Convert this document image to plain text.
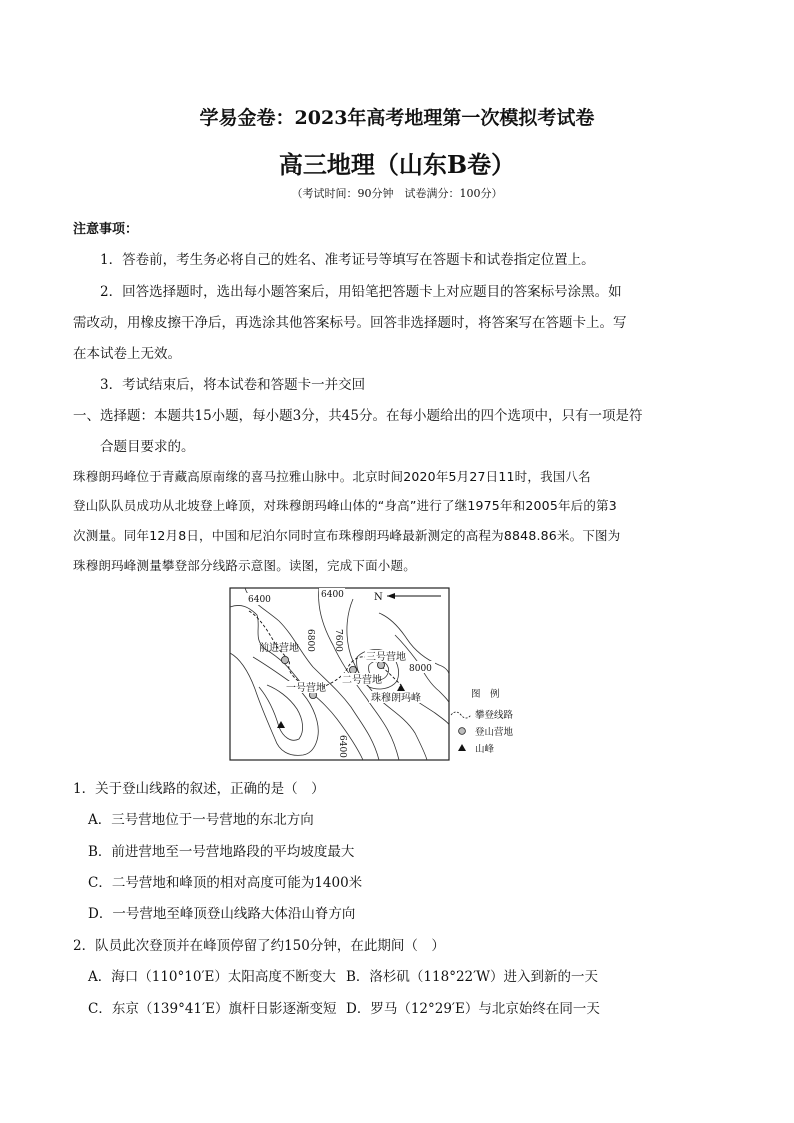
学易金卷：2023年高考地理第一次模拟考试卷
高三地理（山东B卷）
（考试时间：90分钟　试卷满分：100分）
注意事项：
1．答卷前，考生务必将自己的姓名、准考证号等填写在答题卡和试卷指定位置上。
2．回答选择题时，选出每小题答案后，用铅笔把答题卡上对应题目的答案标号涂黑。如
需改动，用橡皮擦干净后，再选涂其他答案标号。回答非选择题时，将答案写在答题卡上。写
在本试卷上无效。
3．考试结束后，将本试卷和答题卡一并交回
一、选择题：本题共15小题，每小题3分，共45分。在每小题给出的四个选项中，只有一项是符
合题目要求的。
珠穆朗玛峰位于青藏高原南缘的喜马拉雅山脉中。北京时间2020年5月27日11时，我国八名
登山队队员成功从北坡登上峰顶，对珠穆朗玛峰山体的“身高”进行了继1975年和2005年后的第3
次测量。同年12月8日，中国和尼泊尔同时宣布珠穆朗玛峰最新测定的高程为8848.86米。下图为
珠穆朗玛峰测量攀登部分线路示意图。读图，完成下面小题。
6400	6400
6800 7600
8000
6400
N
前进营地
一号营地
二号营地
三号营地
珠穆朗玛峰	图　例
攀登线路
登山营地
山峰
1．关于登山线路的叙述，正确的是（　）
A．三号营地位于一号营地的东北方向
B．前进营地至一号营地路段的平均坡度最大
C．二号营地和峰顶的相对高度可能为1400米
D．一号营地至峰顶登山线路大体沿山脊方向
2．队员此次登顶并在峰顶停留了约150分钟，在此期间（　）
A．海口（110°10′E）太阳高度不断变大 B．洛杉矶（118°22′W）进入到新的一天
C．东京（139°41′E）旗杆日影逐渐变短 D．罗马（12°29′E）与北京始终在同一天
